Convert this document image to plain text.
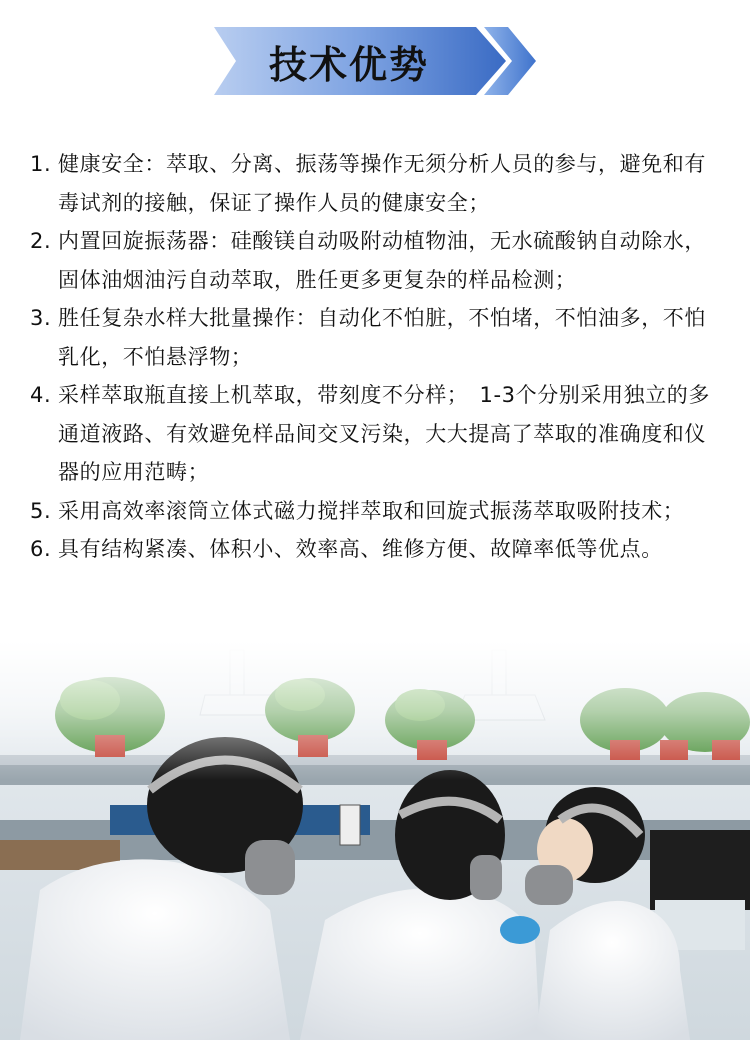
技术优势
1. 健康安全：萃取、分离、振荡等操作无须分析人员的参与，避免和有毒试剂的接触，保证了操作人员的健康安全；
2. 内置回旋振荡器：硅酸镁自动吸附动植物油，无水硫酸钠自动除水，固体油烟油污自动萃取，胜任更多更复杂的样品检测；
3. 胜任复杂水样大批量操作：自动化不怕脏，不怕堵，不怕油多，不怕乳化，不怕悬浮物；
4. 采样萃取瓶直接上机萃取，带刻度不分样；　1-3个分别采用独立的多通道液路、有效避免样品间交叉污染，大大提高了萃取的准确度和仪器的应用范畴；
5. 采用高效率滚筒立体式磁力搅拌萃取和回旋式振荡萃取吸附技术；
6. 具有结构紧凑、体积小、效率高、维修方便、故障率低等优点。
